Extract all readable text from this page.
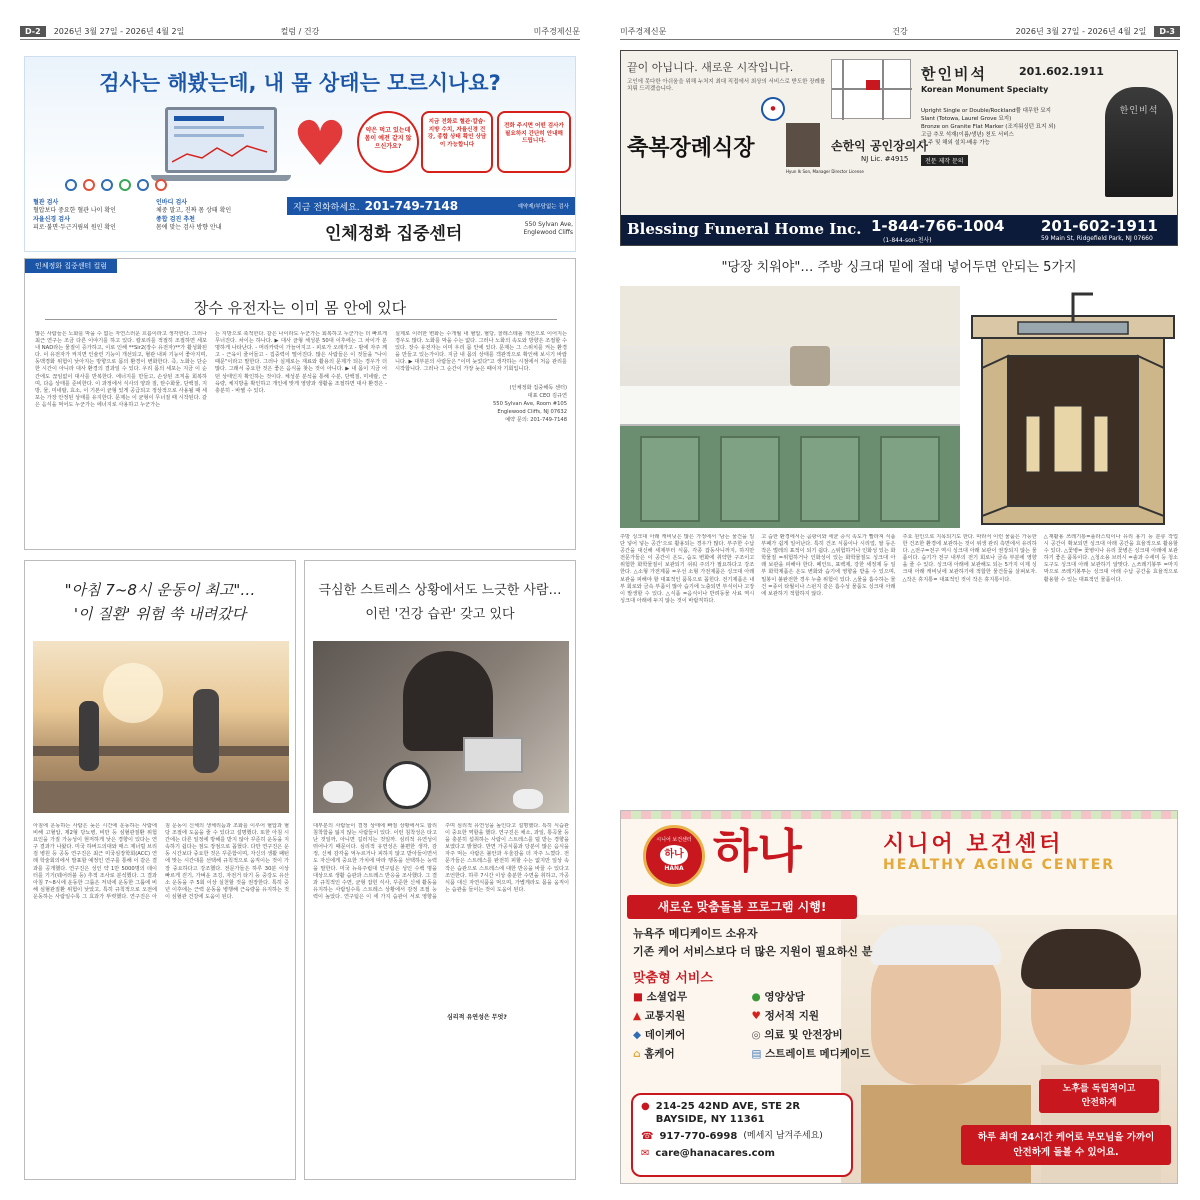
D-2	2026년 3월 27일 - 2026년 4월 2일	컬럼 / 건강	미주경제신문
검사는 해봤는데, 내 몸 상태는 모르시나요?
♥	약은 먹고 있는데 몸이 예전 같지 않으신가요?
지금 전화로 혈관·칼슘·지방 수치, 자율신경 건강, 종합 상태 확인 상담이 가능합니다
전화 주시면 어떤 검사가 필요하지 간단히 안내해 드립니다.
혈관 검사
혈압보다 중요한 혈관 나이 확인
인바디 검사
체중 말고, 진짜 몸 상태 확인
자율신경 검사
피로·불면·두근거림의 원인 확인
종합 검진 추천
몸에 맞는 검사 방향 안내
지금 전화하세요. 201-749-7148	예약제/부담없는 검사
인체정화 집중센터	550 Sylvan Ave, Englewood Cliffs
인체정화 집중센터 컬럼
장수 유전자는 이미 몸 안에 있다
많은 사람들은 노화를 막을 수 없는 자연스러운 흐름이라고 생각한다. 그러나 최근 연구는 조금 다른 이야기를 하고 있다. 칼로리를 적절히 조절하면 세포 내 NAD라는 물질이 증가하고, 이로 인해 **Sir2(장수 유전자)**가 활성화된다. 이 유전자가 켜지면 인슐린 기능이 개선되고, 혈관 내피 기능이 좋아지며, 동맥경화 위험이 낮아지는 방향으로 몸의 환경이 변화한다. 즉, 노화는 단순한 시간이 아니라 대사 환경의 결과일 수 있다. 우리 몸의 세포는 지금 이 순간에도 끊임없이 대사를 반복한다. 에너지를 만들고, 손상된 조직을 회복하며, 다음 상태를 준비한다. 이 과정에서 식사의 양과 질, 탄수화물, 단백질, 지방, 물, 미네랄, 효소, 이 기본이 균형 있게 공급되고 정상적으로 사용될 때 세포는 가장 안정된 상태를 유지한다. 문제는 이 균형이 무너질 때 시작된다. 같은 음식을 먹어도 누군가는 에너지로 사용하고 누군가는
는 지방으로 축적한다. 같은 나이라도 누군가는 회복하고 누군가는 더 빠르게 무너진다. 차이는 하나다. ▶ 대사 균형 체성분 50대 이후에는 그 차이가 분명하게 나타난다. - 머리카락이 가늘어지고 - 피로가 오래가고 - 밤에 자주 깨고 - 근육이 줄어들고 - 집중력이 떨어진다. 많은 사람들은 이 것들을 "나이 때문"이라고 말한다. 그러나 실제로는 재료와 활용의 문제가 되는 경우가 더 많다. 그래서 중요한 것은 좋은 음식을 찾는 것이 아니다. ▶ 내 몸이 지금 어떤 상태인지 확인하는 것이다. 체성분 분석을 통해 수분, 단백질, 미네랄, 근육량, 체지방을 확인하고 개인에 맞게 영양과 생활을 조절하면 대사 환경은 - 충분히 - 바뀔 수 있다.
실제로 이러한 변화는 수개월 내 혈압, 혈당, 콜레스테롤 개선으로 이어지는 경우도 많다. 노화를 막을 수는 없다. 그러나 노화의 속도와 방향은 조절할 수 있다. 장수 유전자는 이미 우리 몸 안에 있다. 문제는 그 스위치를 켜는 환경을 만들고 있는가이다. 지금 내 몸의 상태를 객관적으로 확인해 보시기 바랍니다. ▶ 대부분의 사람들은 "이미 늦었다"고 생각하는 시점에서 처음 관리를 시작합니다. 그러나 그 순간이 가장 늦은 때이자 기회입니다.
(인체정화 집중해독 센터)
대표 CEO 김규연
550 Sylvan Ave, Room #105
Englewood Cliffs, NJ 07632
예약 문의: 201-749-7148
"아침 7~8시 운동이 최고"…
'이 질환' 위험 쑥 내려갔다
아침에 운동하는 사람은 늦은 시간에 운동하는 사람에 비해 고혈압, 제2형 당뇨병, 비만 등 심혈관질환 위험 요인을 가질 가능성이 현저하게 낮은 경향이 있다는 연구 결과가 나왔다. 미국 하버드의대와 매스 제너럴 브리검 병원 등 공동 연구진은 최근 미국심장학회(ACC) 연례 학술회의에서 발표할 예정인 연구를 통해 이 같은 결과를 공개했다. 연구진은 성인 약 1만 5000명의 데이터를 기기(웨어러블 등) 추적 조사로 분석했다. 그 결과 아침 7~8시에 운동한 그룹은 저녁에 운동한 그룹에 비해 심혈관질환 위험이 낮았고, 특히 규칙적으로 오전에 운동하는 사람일수록 그 효과가 뚜렷했다. 연구진은 아침 운동이 신체의 생체리듬과 조화를 이루어 혈압과 혈당 조절에 도움을 줄 수 있다고 설명했다. 또한 아침 시간에는 다른 일정에 방해를 받지 않아 꾸준히 운동을 지속하기 쉽다는 점도 장점으로 꼽혔다. 다만 연구진은 운동 시간보다 중요한 것은 꾸준함이며, 자신의 생활 패턴에 맞는 시간대를 선택해 규칙적으로 움직이는 것이 가장 중요하다고 강조했다. 전문가들은 하루 30분 이상 빠르게 걷기, 가벼운 조깅, 자전거 타기 등 중강도 유산소 운동을 주 5회 이상 실천할 것을 권장한다. 특히 중년 이후에는 근력 운동을 병행해 근육량을 유지하는 것이 심혈관 건강에 도움이 된다.
극심한 스트레스 상황에서도 느긋한 사람…
이런 '건강 습관' 갖고 있다
대부분의 사람들이 결정 상태에 빠질 상황에서도 합리 침착함을 잃지 않는 사람들이 있다. 이런 침착성은 타고난 것일까, 아니면 길러지는 것일까. 심리적 유연성이 뛰어나기 때문이다. 심리적 유연성은 불편한 생각, 감정, 신체 감각을 억누르거나 피하지 않고 받아들이면서도 자신에게 중요한 가치에 따라 행동을 선택하는 능력을 말한다. 미국 뉴욕주립대 연구팀은 성인 수백 명을 대상으로 생활 습관과 스트레스 반응을 조사했다. 그 결과 규칙적인 수면, 균형 잡힌 식사, 꾸준한 신체 활동을 유지하는 사람일수록 스트레스 상황에서 감정 조절 능력이 높았다. 연구팀은 이 세 가지 습관이 서로 영향을 주며 심리적 유연성을 높인다고 설명했다. 특히 식습관이 중요한 역할을 했다. 연구진은 채소, 과일, 통곡물 등을 충분히 섭취하는 사람이 스트레스를 덜 받는 경향을 보였다고 밝혔다. 반면 가공식품과 당분이 많은 음식을 자주 먹는 사람은 불안과 우울감을 더 자주 느꼈다. 전문가들은 스트레스를 완전히 피할 수는 없지만 일상 속 작은 습관으로 스트레스에 대한 반응을 바꿀 수 있다고 조언한다. 하루 7시간 이상 충분한 수면을 취하고, 가공식품 대신 자연식품을 먹으며, 가볍게라도 몸을 움직이는 습관을 들이는 것이 도움이 된다.
심리적 유연성은 무엇?
미주경제신문	건강	2026년 3월 27일 - 2026년 4월 2일	D-3
끝이 아닙니다. 새로운 시작입니다.
고인에 못다한 아쉬움을 위해 누처지 최대 직접에서 최상의 서비스로 받도한 장례를 치뤄 드리겠습니다.
축복장례식장
●
손한익 공인장의사
NJ Lic. #4915
Hyun Ik Son, Manager Director License
한인비석	201.602.1911
Korean Monument Specialty
Upright Single or Double/Rockland퓰 대무한 묘지
Slant (Totowa, Laurel Grove 묘지)
Bronze on Granite Flat Marker (조지워싱턴 묘지 외)
고급 추모 석재(이름/생년) 천도 서비스
타 주 및 해외 설치·배송 가능
전문 제작 문의
한인비석
Blessing Funeral Home Inc. 1-844-766-1004
(1-844-son-천사)
201-602-1911
59 Main St, Ridgefield Park, NJ 07660
"당장 치워야"… 주방 싱크대 밑에 절대 넣어두면 안되는 5가지
주방 싱크대 아래 캐비닛은 많은 가정에서 '남는 물건을 일단 넣어 넣는 공간'으로 활용되는 경우가 많다. 부주한 수납공간을 대신해 세제부터 식품, 각종 잡동사니까지, 하지만 전문가들은 이 공간이 온도, 습도 변화에 취약한 구조이고 위험한 화학물질이 보관되기 쉬워 주의가 필요하다고 강조한다. △소형 가전제품 =우선 소형 가전제품은 싱크대 아래 보관을 피해야 할 대표적인 품목으로 꼽힌다. 전기제품은 내부 회로와 금속 부품이 많아 습기에 노출되면 부식이나 고장이 발생할 수 있다. △식품 =음식이나 반려동물 사료 역시 싱크대 아래에 두지 않는 것이 바람직하다.
고 습한 환경에서는 곰팡이와 세균 증식 속도가 빨라져 식품 부패가 쉽게 일어난다. 특히 건조 식품이나 시리얼, 쌀 등은 작은 벌레의 표적이 되기 쉽다. △위험하거나 인화성 있는 화학물질 =위험하거나 인화성이 있는 화학물질도 싱크대 아래 보관을 피해야 한다. 페인트, 표백제, 강한 세정제 등 일부 화학제품은 온도 변화와 습기에 영향을 받을 수 있으며, 밀봉이 불완전한 경우 누출 위험이 있다. △물을 흡수하는 물건 =종이 타월이나 스펀지 같은 흡수성 물품도 싱크대 아래에 보관하기 적합하지 않다.
주요 원인으로 지목되기도 한다. 따라서 이런 물품은 가능한 한 건조한 환경에 보관하는 것이 위생 관리 측면에서 유리하다. △전구=전구 역시 싱크대 아래 보관이 권장되지 않는 물품이다. 습기가 전구 내부의 전기 회로나 금속 부분에 영향을 줄 수 있다. 싱크대 아래에 보관해도 되는 5가지 이제 싱크대 아래 캐비닛에 보관하기에 적합한 물건들을 살펴보자. △작은 휴지통= 대표적인 것이 작은 휴지통이다.
△재활용 쓰레기통=플라스틱이나 유리 용기 등 분류 작업 시 공간이 확보되면 싱크대 아래 공간을 효율적으로 활용할 수 있다. △꽃병= 꽃병이나 유리 꽃병은 싱크대 아래에 보관하기 좋은 품목이다. △청소용 브러시 =솔과 수세미 등 청소 도구도 싱크대 아래 보관하기 알맞다. △쓰레기봉투 =마지막으로 쓰레기봉투는 싱크대 아래 수납 공간을 효율적으로 활용할 수 있는 대표적인 물품이다.
시니어 보건센터
하나
HANA 하나	시니어 보건센터
HEALTHY AGING CENTER
새로운 맞춤돌봄 프로그램 시행!
뉴욕주 메디케이드 소유자
기존 케어 서비스보다 더 많은 지원이 필요하신 분
맞춤형 서비스
■ 소셜업무	● 영양상담
▲ 교통지원	♥ 정서적 지원
◆ 데이케어	◎ 의료 및 안전장비
⌂ 홈케어	▤ 스트레이트 메디케이드
● 214-25 42ND AVE, STE 2R
BAYSIDE, NY 11361
☎ 917-770-6998 (메세지 남겨주세요)
✉ care@hanacares.com
노후를 독립적이고
안전하게
하루 최대 24시간 케어로 부모님을 가까이
안전하게 돌볼 수 있어요.
